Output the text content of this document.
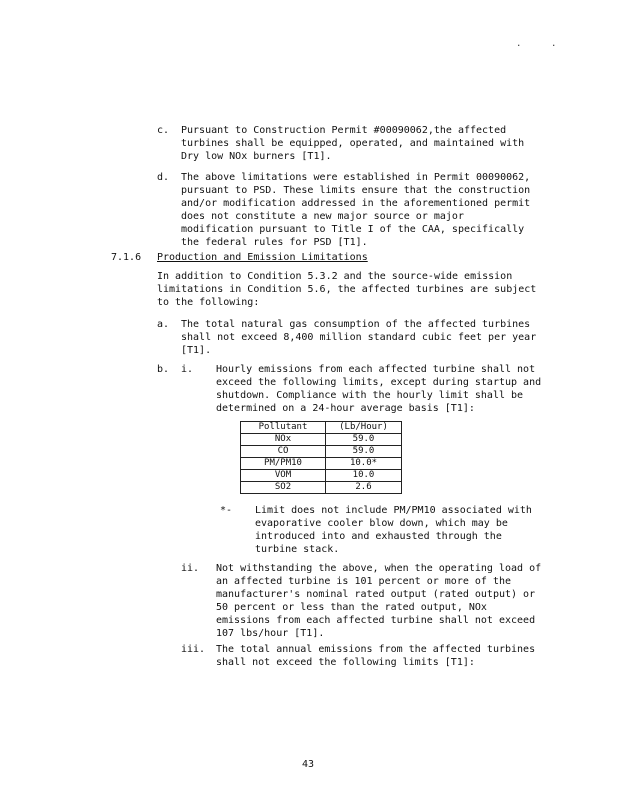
.	.
c. Pursuant to Construction Permit #00090062,the affected turbines shall be equipped, operated, and maintained with Dry low NOx burners [T1].
d. The above limitations were established in Permit 00090062, pursuant to PSD. These limits ensure that the construction and/or modification addressed in the aforementioned permit does not constitute a new major source or major modification pursuant to Title I of the CAA, specifically the federal rules for PSD [T1].
7.1.6 Production and Emission Limitations
In addition to Condition 5.3.2 and the source-wide emission limitations in Condition 5.6, the affected turbines are subject to the following:
a. The total natural gas consumption of the affected turbines shall not exceed 8,400 million standard cubic feet per year [T1].
b. i. Hourly emissions from each affected turbine shall not exceed the following limits, except during startup and shutdown. Compliance with the hourly limit shall be determined on a 24-hour average basis [T1]:
Pollutant	(Lb/Hour)
NOx	59.0
CO	59.0
PM/PM10	10.0*
VOM	10.0
SO2	2.6
*- Limit does not include PM/PM10 associated with evaporative cooler blow down, which may be introduced into and exhausted through the turbine stack.
ii. Not withstanding the above, when the operating load of an affected turbine is 101 percent or more of the manufacturer's nominal rated output (rated output) or 50 percent or less than the rated output, NOx emissions from each affected turbine shall not exceed 107 lbs/hour [T1].
iii. The total annual emissions from the affected turbines shall not exceed the following limits [T1]:
43
